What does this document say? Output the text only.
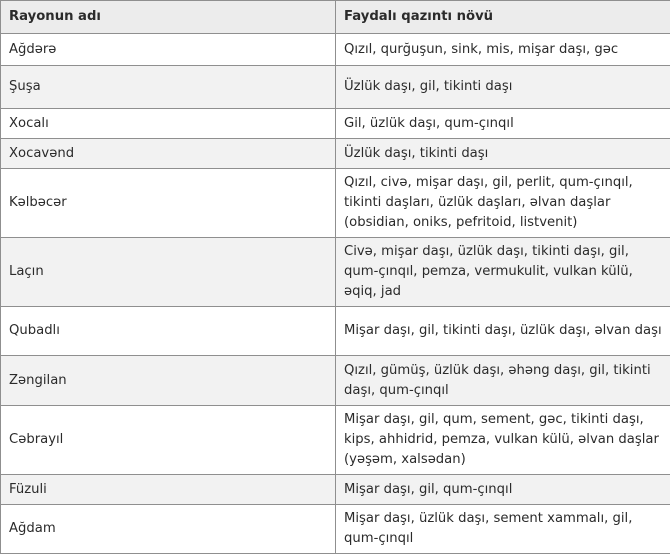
Rayonun adı	Faydalı qazıntı növü
Ağdərə	Qızıl, qurğuşun, sink, mis, mişar daşı, gəc
Şuşa	Üzlük daşı, gil, tikinti daşı
Xocalı	Gil, üzlük daşı, qum-çınqıl
Xocavənd	Üzlük daşı, tikinti daşı
Kəlbəcər	Qızıl, civə, mişar daşı, gil, perlit, qum-çınqıl, tikinti daşları, üzlük daşları, əlvan daşlar (obsidian, oniks, pefritoid, listvenit)
Laçın	Civə, mişar daşı, üzlük daşı, tikinti daşı, gil, qum-çınqıl, pemza, vermukulit, vulkan külü, əqiq, jad
Qubadlı	Mişar daşı, gil, tikinti daşı, üzlük daşı, əlvan daşı
Zəngilan	Qızıl, gümüş, üzlük daşı, əhəng daşı, gil, tikinti daşı, qum-çınqıl
Cəbrayıl	Mişar daşı, gil, qum, sement, gəc, tikinti daşı, kips, ahhidrid, pemza, vulkan külü, əlvan daşlar (yəşəm, xalsədan)
Füzuli	Mişar daşı, gil, qum-çınqıl
Ağdam	Mişar daşı, üzlük daşı, sement xammalı, gil, qum-çınqıl
